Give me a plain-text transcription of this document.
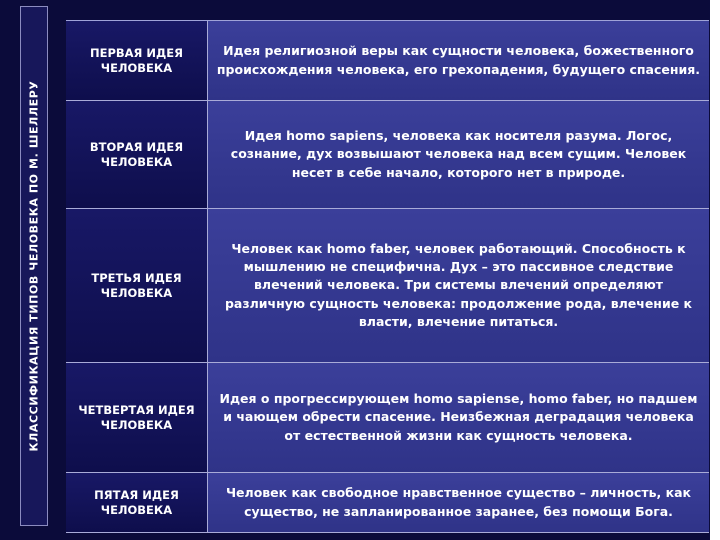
КЛАССИФИКАЦИЯ ТИПОВ ЧЕЛОВЕКА ПО М. ШЕЛЛЕРУ
ПЕРВАЯ ИДЕЯ ЧЕЛОВЕКА
Идея религиозной веры как сущности человека, божественного происхождения человека, его грехопадения, будущего спасения.
ВТОРАЯ ИДЕЯ ЧЕЛОВЕКА
Идея homo sapiens, человека как носителя разума. Логос, сознание, дух возвышают человека над всем сущим. Человек несет в себе начало, которого нет в природе.
ТРЕТЬЯ ИДЕЯ ЧЕЛОВЕКА
Человек как homo faber, человек работающий. Способность к мышлению не специфична. Дух – это пассивное следствие влечений человека. Три системы влечений определяют различную сущность человека: продолжение рода, влечение к власти, влечение питаться.
ЧЕТВЕРТАЯ ИДЕЯ ЧЕЛОВЕКА
Идея о прогрессирующем homo sapiense, homo faber, но падшем и чающем обрести спасение. Неизбежная деградация человека от естественной жизни как сущность человека.
ПЯТАЯ ИДЕЯ ЧЕЛОВЕКА
Человек как свободное нравственное существо – личность, как существо, не запланированное заранее, без помощи Бога.
